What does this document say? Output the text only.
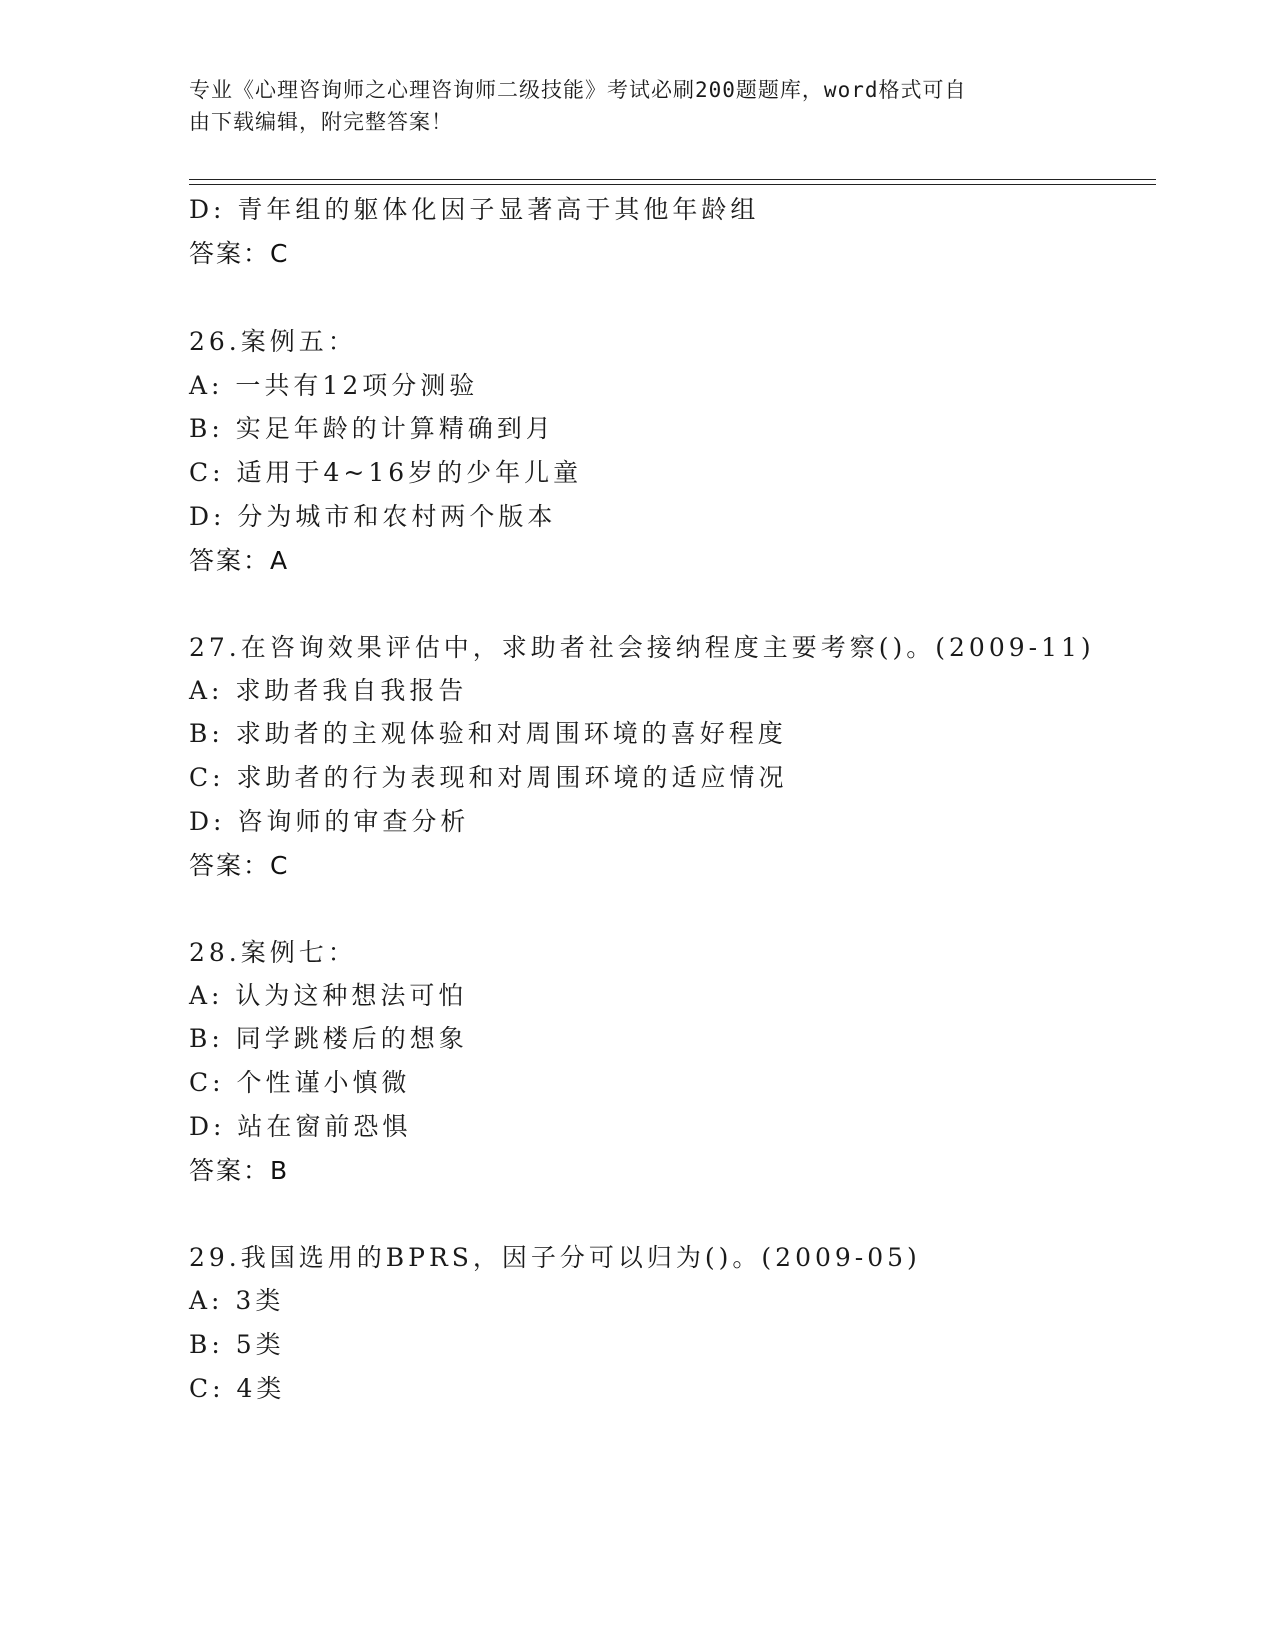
专业《心理咨询师之心理咨询师二级技能》考试必刷200题题库，word格式可自
由下载编辑，附完整答案！
D: 青年组的躯体化因子显著高于其他年龄组
答案：C
26.案例五：
A: 一共有12项分测验
B: 实足年龄的计算精确到月
C: 适用于4~16岁的少年儿童
D: 分为城市和农村两个版本
答案：A
27.在咨询效果评估中，求助者社会接纳程度主要考察()。(2009-11)
A: 求助者我自我报告
B: 求助者的主观体验和对周围环境的喜好程度
C: 求助者的行为表现和对周围环境的适应情况
D: 咨询师的审查分析
答案：C
28.案例七：
A: 认为这种想法可怕
B: 同学跳楼后的想象
C: 个性谨小慎微
D: 站在窗前恐惧
答案：B
29.我国选用的BPRS，因子分可以归为()。(2009-05)
A: 3类
B: 5类
C: 4类
